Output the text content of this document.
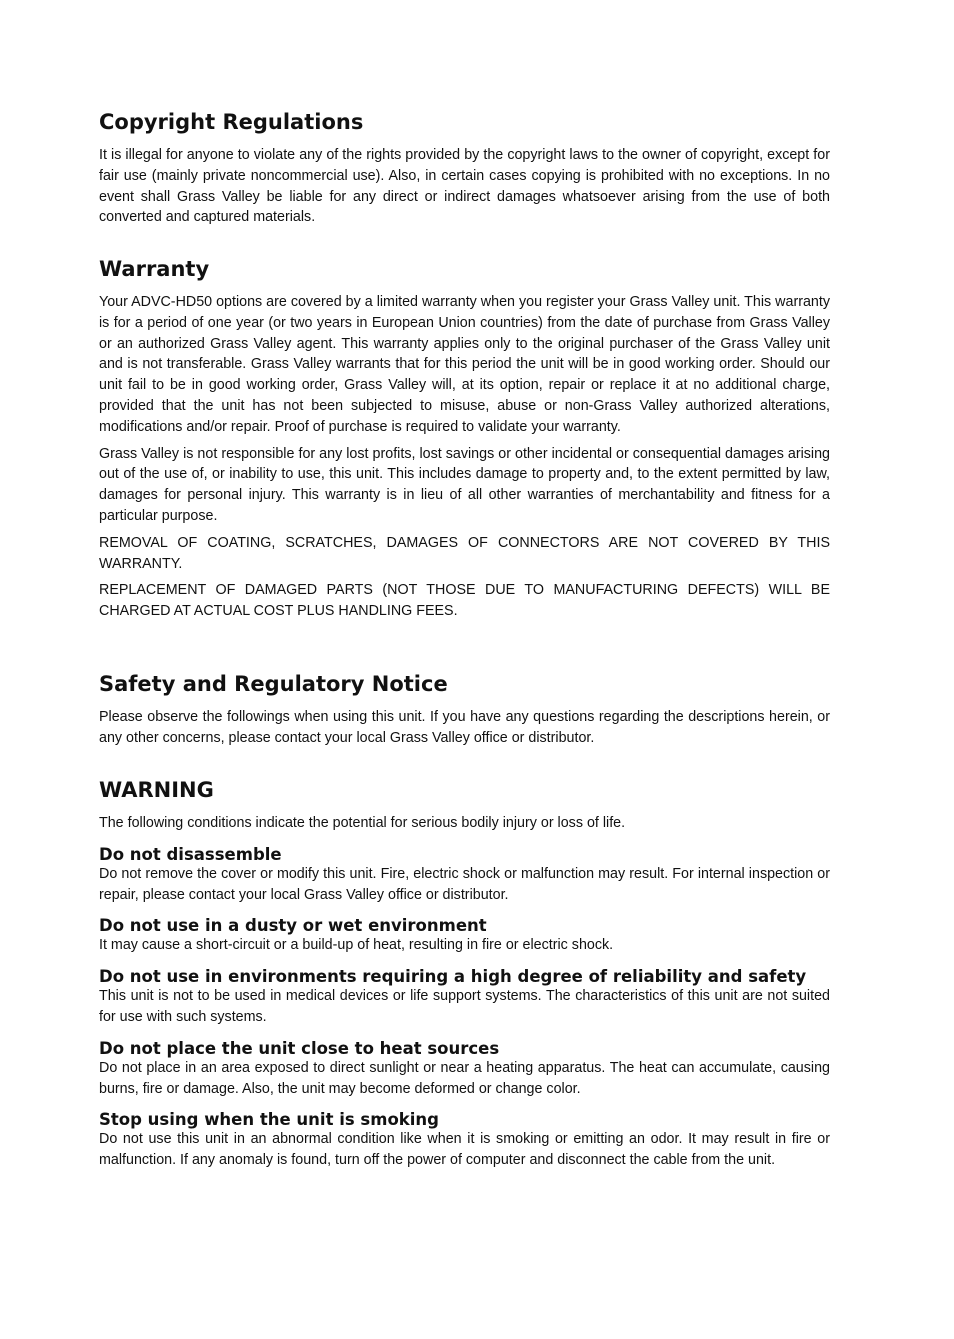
Copyright Regulations

It is illegal for anyone to violate any of the rights provided by the copyright laws to the owner of copyright, except for fair use (mainly private noncommercial use). Also, in certain cases copying is prohibited with no exceptions. In no event shall Grass Valley be liable for any direct or indirect damages whatsoever arising from the use of both converted and captured materials.

Warranty

Your ADVC-HD50 options are covered by a limited warranty when you register your Grass Valley unit. This warranty is for a period of one year (or two years in European Union countries) from the date of purchase from Grass Valley or an authorized Grass Valley agent. This warranty applies only to the original purchaser of the Grass Valley unit and is not transferable. Grass Valley warrants that for this period the unit will be in good working order. Should our unit fail to be in good working order, Grass Valley will, at its option, repair or replace it at no additional charge, provided that the unit has not been subjected to misuse, abuse or non-Grass Valley authorized alterations, modifications and/or repair. Proof of purchase is required to validate your warranty.

Grass Valley is not responsible for any lost profits, lost savings or other incidental or consequential damages arising out of the use of, or inability to use, this unit. This includes damage to property and, to the extent permitted by law, damages for personal injury. This warranty is in lieu of all other warranties of merchantability and fitness for a particular purpose.

REMOVAL OF COATING, SCRATCHES, DAMAGES OF CONNECTORS ARE NOT COVERED BY THIS WARRANTY.

REPLACEMENT OF DAMAGED PARTS (NOT THOSE DUE TO MANUFACTURING DEFECTS) WILL BE CHARGED AT ACTUAL COST PLUS HANDLING FEES.

Safety and Regulatory Notice

Please observe the followings when using this unit. If you have any questions regarding the descriptions herein, or any other concerns, please contact your local Grass Valley office or distributor.

WARNING

The following conditions indicate the potential for serious bodily injury or loss of life.

Do not disassemble

Do not remove the cover or modify this unit. Fire, electric shock or malfunction may result. For internal inspection or repair, please contact your local Grass Valley office or distributor.

Do not use in a dusty or wet environment

It may cause a short-circuit or a build-up of heat, resulting in fire or electric shock.

Do not use in environments requiring a high degree of reliability and safety

This unit is not to be used in medical devices or life support systems. The characteristics of this unit are not suited for use with such systems.

Do not place the unit close to heat sources

Do not place in an area exposed to direct sunlight or near a heating apparatus. The heat can accumulate, causing burns, fire or damage. Also, the unit may become deformed or change color.

Stop using when the unit is smoking

Do not use this unit in an abnormal condition like when it is smoking or emitting an odor. It may result in fire or malfunction. If any anomaly is found, turn off the power of computer and disconnect the cable from the unit.
